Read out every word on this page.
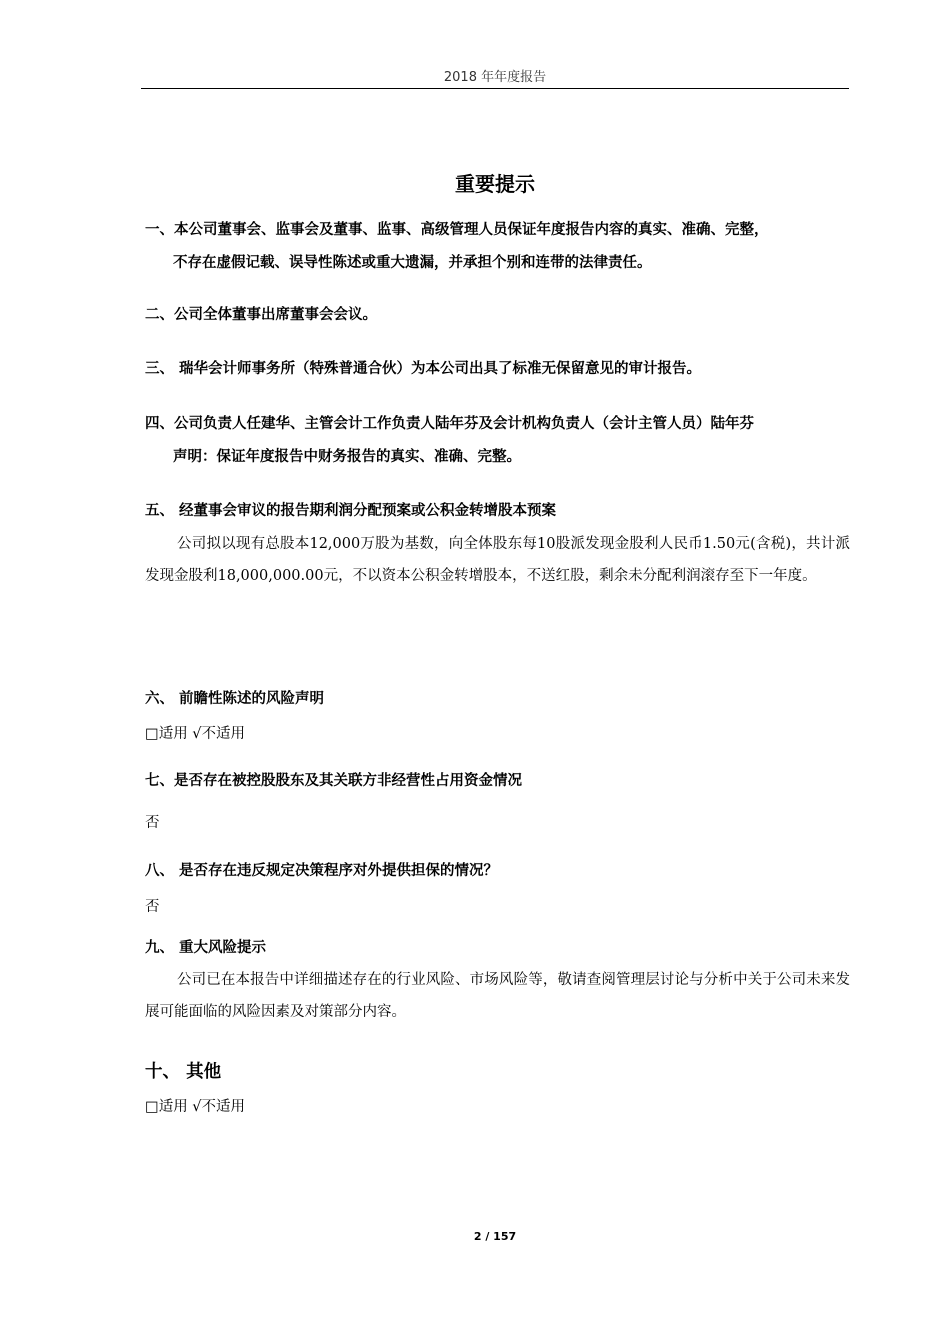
2018 年年度报告
重要提示
一、本公司董事会、监事会及董事、监事、高级管理人员保证年度报告内容的真实、准确、完整，
不存在虚假记载、误导性陈述或重大遗漏，并承担个别和连带的法律责任。
二、公司全体董事出席董事会会议。
三、 瑞华会计师事务所（特殊普通合伙）为本公司出具了标准无保留意见的审计报告。
四、公司负责人任建华、主管会计工作负责人陆年芬及会计机构负责人（会计主管人员）陆年芬
声明：保证年度报告中财务报告的真实、准确、完整。
五、 经董事会审议的报告期利润分配预案或公积金转增股本预案
公司拟以现有总股本12,000万股为基数，向全体股东每10股派发现金股利人民币1.50元(含税)，共计派发现金股利18,000,000.00元，不以资本公积金转增股本，不送红股，剩余未分配利润滚存至下一年度。
六、 前瞻性陈述的风险声明
□适用 √不适用
七、是否存在被控股股东及其关联方非经营性占用资金情况
否
八、 是否存在违反规定决策程序对外提供担保的情况？
否
九、 重大风险提示
公司已在本报告中详细描述存在的行业风险、市场风险等，敬请查阅管理层讨论与分析中关于公司未来发展可能面临的风险因素及对策部分内容。
十、 其他
□适用 √不适用
2 / 157
